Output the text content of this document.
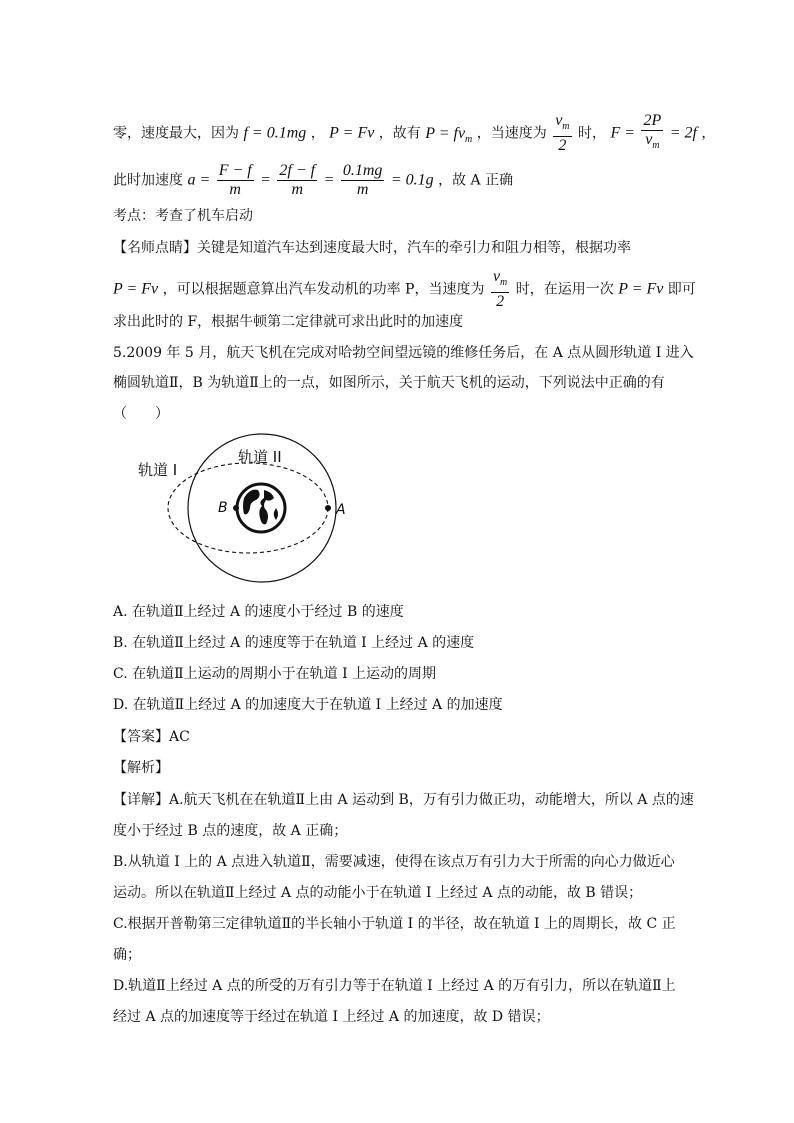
零，速度最大，因为 f = 0.1mg ， P = Fv ，故有 $P = fv_m$ ，当速度为 $\frac{v_m}{2}$ 时， $F = \frac{2P}{v_m} = 2f$ ，
此时加速度 $a = \frac{F - f}{m} = \frac{2f - f}{m} = \frac{0.1mg}{m} = 0.1g$ ，故 A 正确
考点：考查了机车启动
【名师点睛】关键是知道汽车达到速度最大时，汽车的牵引力和阻力相等，根据功率
P = Fv ，可以根据题意算出汽车发动机的功率 P，当速度为 $\frac{v_m}{2}$ 时，在运用一次 P = Fv 即可
求出此时的 F，根据牛顿第二定律就可求出此时的加速度
5.2009 年 5 月，航天飞机在完成对哈勃空间望远镜的维修任务后，在 A 点从圆形轨道 Ⅰ 进入
椭圆轨道Ⅱ，B 为轨道Ⅱ上的一点，如图所示，关于航天飞机的运动，下列说法中正确的有
（　　）
轨道 I
轨道 II
B	A
A. 在轨道Ⅱ上经过 A 的速度小于经过 B 的速度
B. 在轨道Ⅱ上经过 A 的速度等于在轨道 Ⅰ 上经过 A 的速度
C. 在轨道Ⅱ上运动的周期小于在轨道 Ⅰ 上运动的周期
D. 在轨道Ⅱ上经过 A 的加速度大于在轨道 Ⅰ 上经过 A 的加速度
【答案】AC
【解析】
【详解】A.航天飞机在在轨道Ⅱ上由 A 运动到 B，万有引力做正功，动能增大，所以 A 点的速
度小于经过 B 点的速度，故 A 正确；
B.从轨道 I 上的 A 点进入轨道Ⅱ，需要减速，使得在该点万有引力大于所需的向心力做近心
运动。所以在轨道Ⅱ上经过 A 点的动能小于在轨道 I 上经过 A 点的动能，故 B 错误；
C.根据开普勒第三定律轨道Ⅱ的半长轴小于轨道 I 的半径，故在轨道 I 上的周期长，故 C 正
确；
D.轨道Ⅱ上经过 A 点的所受的万有引力等于在轨道 I 上经过 A 的万有引力，所以在轨道Ⅱ上
经过 A 点的加速度等于经过在轨道 I 上经过 A 的加速度，故 D 错误；
